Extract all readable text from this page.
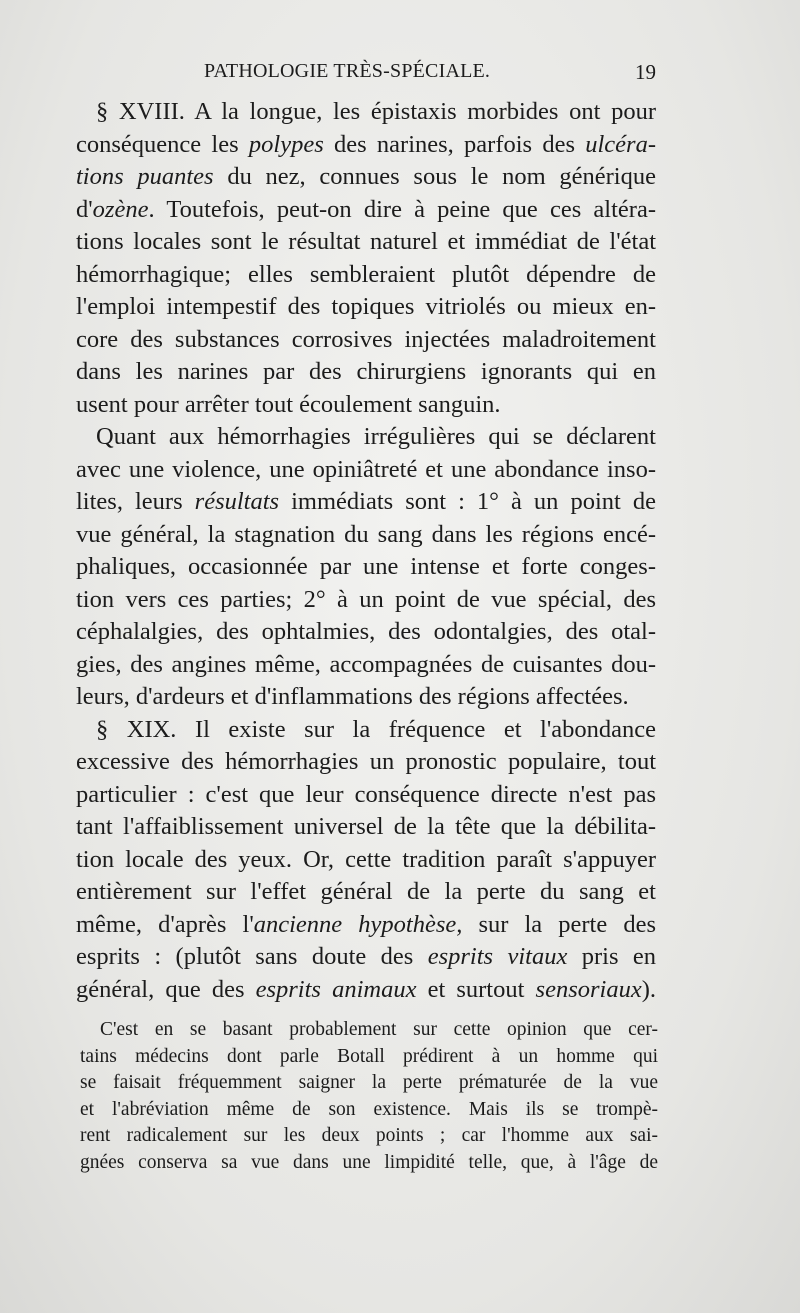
PATHOLOGIE TRÈS-SPÉCIALE.	19
§ XVIII. A la longue, les épistaxis morbides ont pour
conséquence les polypes des narines, parfois des ulcéra-
tions puantes du nez, connues sous le nom générique
d'ozène. Toutefois, peut-on dire à peine que ces altéra-
tions locales sont le résultat naturel et immédiat de l'état
hémorrhagique; elles sembleraient plutôt dépendre de
l'emploi intempestif des topiques vitriolés ou mieux en-
core des substances corrosives injectées maladroitement
dans les narines par des chirurgiens ignorants qui en
usent pour arrêter tout écoulement sanguin.
Quant aux hémorrhagies irrégulières qui se déclarent
avec une violence, une opiniâtreté et une abondance inso-
lites, leurs résultats immédiats sont : 1° à un point de
vue général, la stagnation du sang dans les régions encé-
phaliques, occasionnée par une intense et forte conges-
tion vers ces parties; 2° à un point de vue spécial, des
céphalalgies, des ophtalmies, des odontalgies, des otal-
gies, des angines même, accompagnées de cuisantes dou-
leurs, d'ardeurs et d'inflammations des régions affectées.
§ XIX. Il existe sur la fréquence et l'abondance
excessive des hémorrhagies un pronostic populaire, tout
particulier : c'est que leur conséquence directe n'est pas
tant l'affaiblissement universel de la tête que la débilita-
tion locale des yeux. Or, cette tradition paraît s'appuyer
entièrement sur l'effet général de la perte du sang et
même, d'après l'ancienne hypothèse, sur la perte des
esprits : (plutôt sans doute des esprits vitaux pris en
général, que des esprits animaux et surtout sensoriaux).
C'est en se basant probablement sur cette opinion que cer-
tains médecins dont parle Botall prédirent à un homme qui
se faisait fréquemment saigner la perte prématurée de la vue
et l'abréviation même de son existence. Mais ils se trompè-
rent radicalement sur les deux points ; car l'homme aux sai-
gnées conserva sa vue dans une limpidité telle, que, à l'âge de
